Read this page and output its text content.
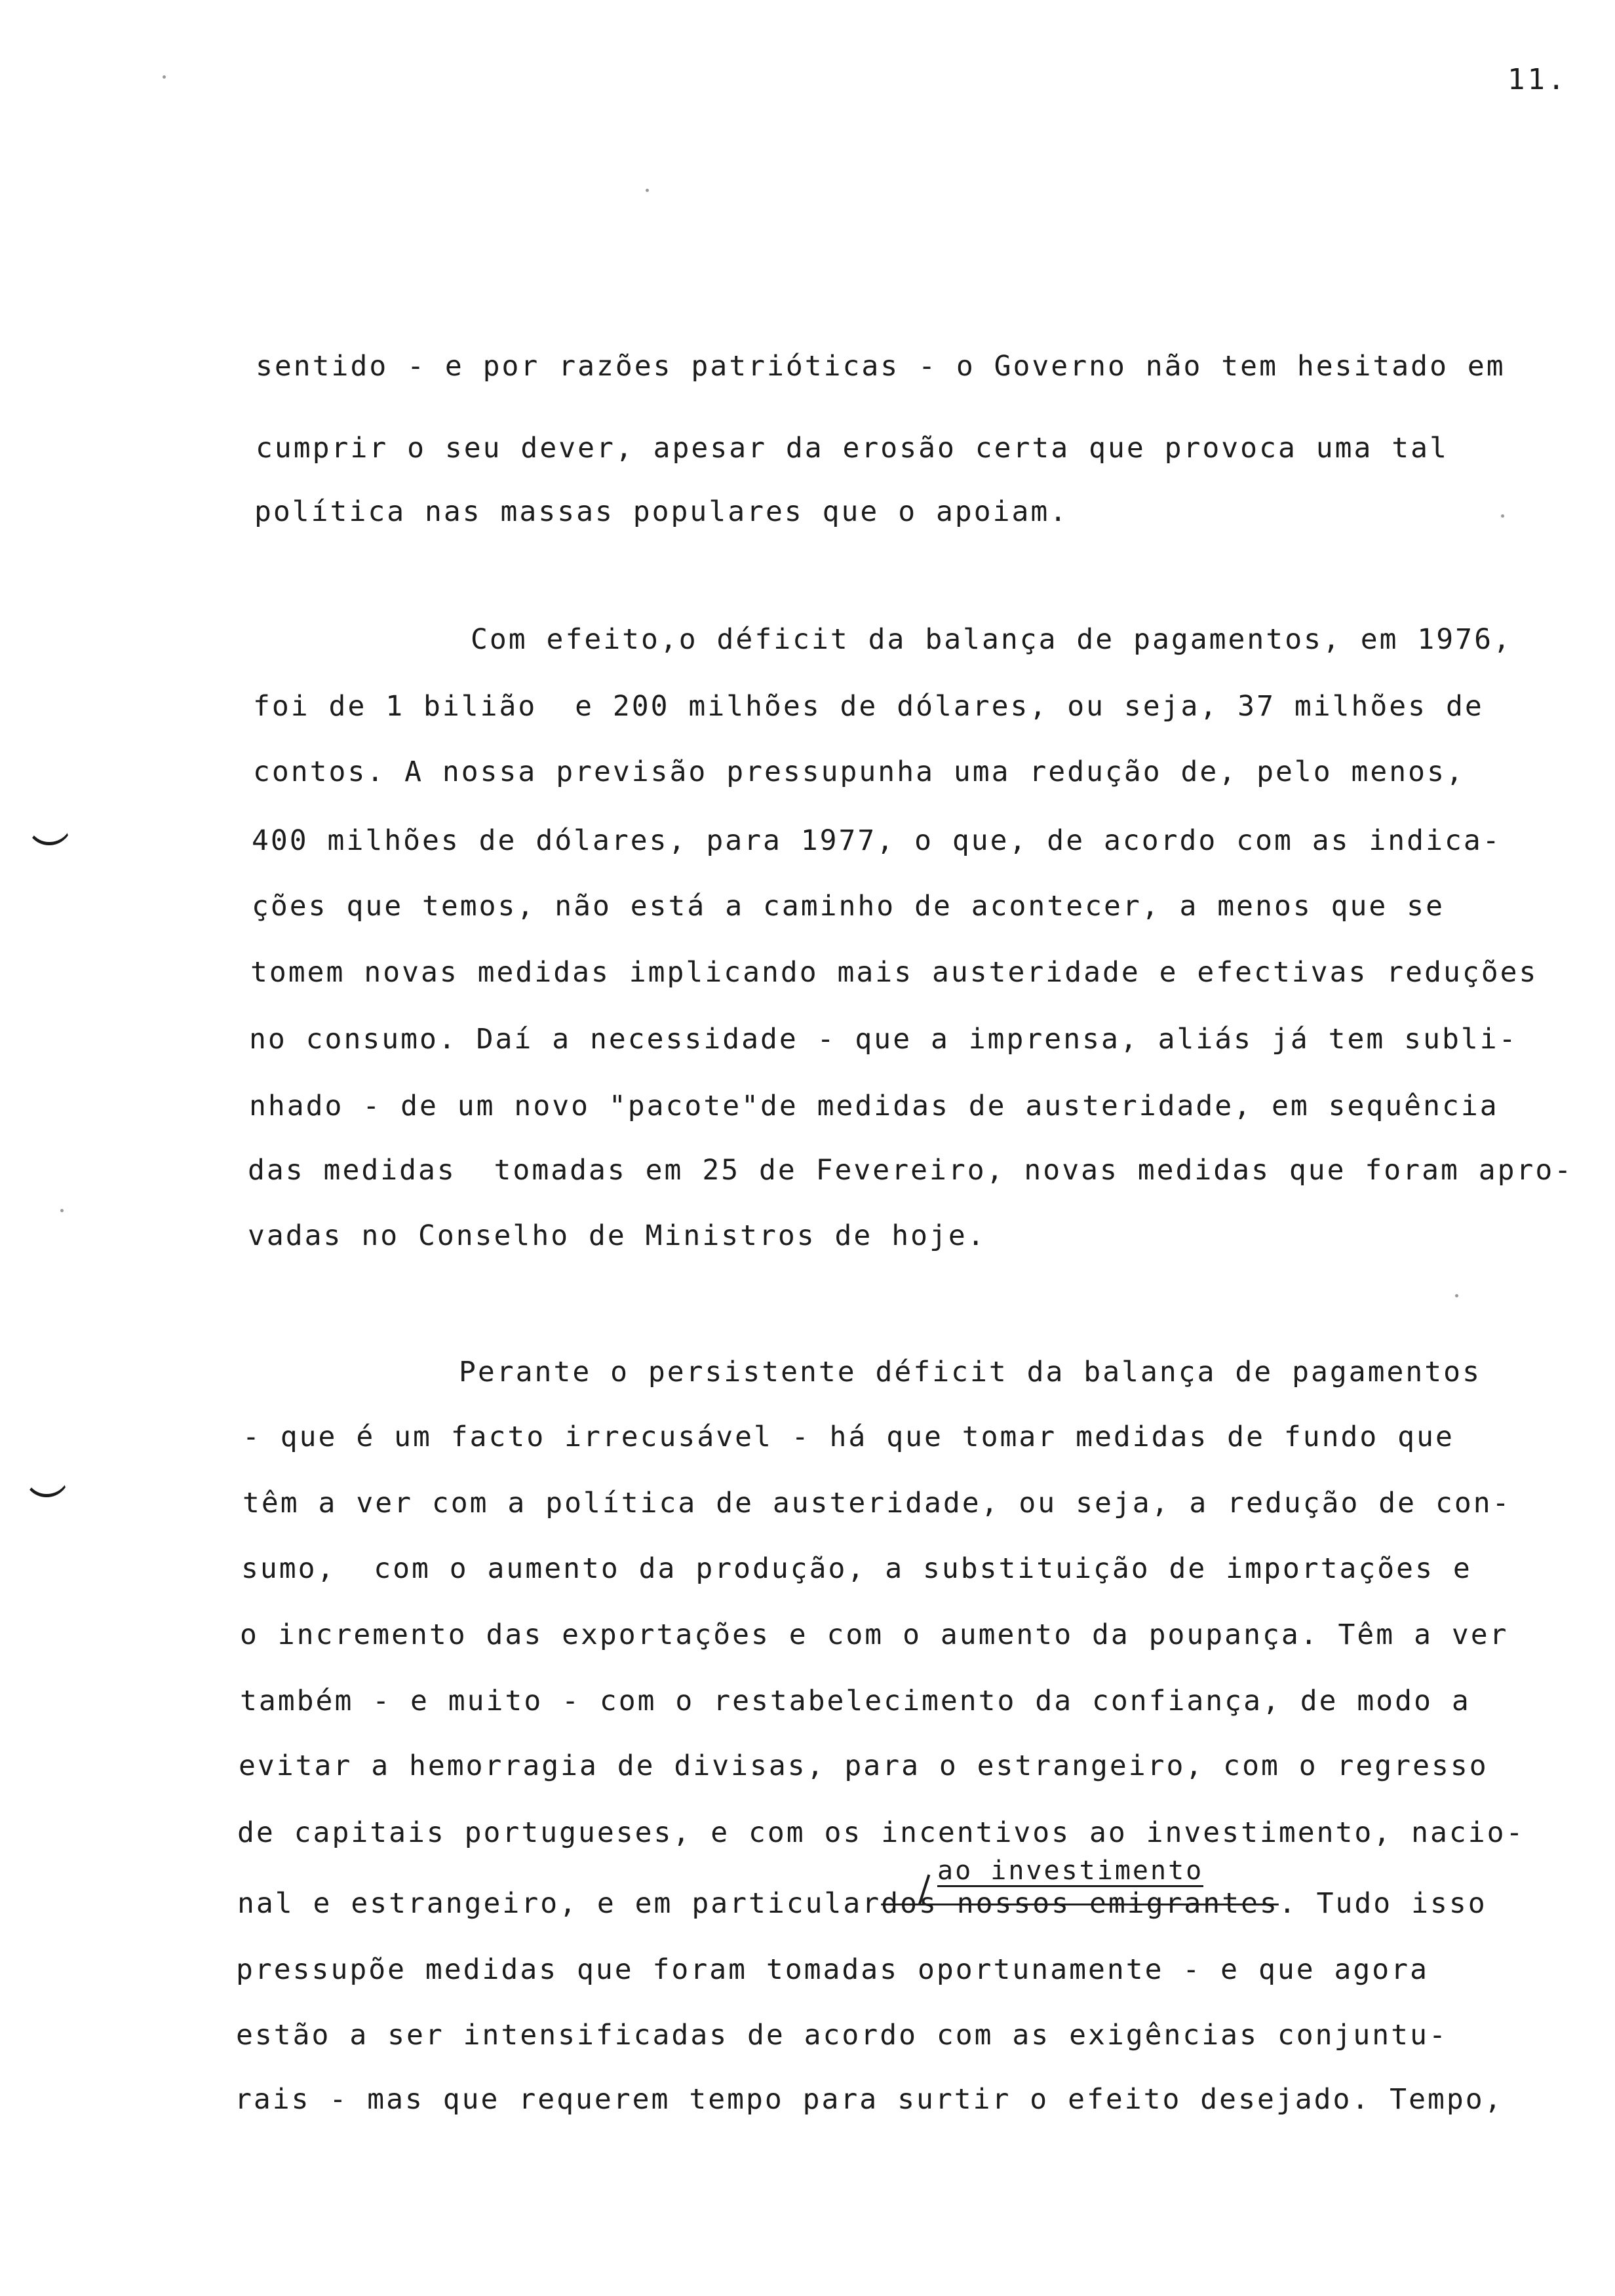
11.
sentido - e por razões patrióticas - o Governo não tem hesitado em
cumprir o seu dever, apesar da erosão certa que provoca uma tal
política nas massas populares que o apoiam.
Com efeito,o déficit da balança de pagamentos, em 1976,
foi de 1 bilião  e 200 milhões de dólares, ou seja, 37 milhões de
contos. A nossa previsão pressupunha uma redução de, pelo menos,
400 milhões de dólares, para 1977, o que, de acordo com as indica-
ções que temos, não está a caminho de acontecer, a menos que se
tomem novas medidas implicando mais austeridade e efectivas reduções
no consumo. Daí a necessidade - que a imprensa, aliás já tem subli-
nhado - de um novo "pacote"de medidas de austeridade, em sequência
das medidas  tomadas em 25 de Fevereiro, novas medidas que foram apro-
vadas no Conselho de Ministros de hoje.
Perante o persistente déficit da balança de pagamentos
- que é um facto irrecusável - há que tomar medidas de fundo que
têm a ver com a política de austeridade, ou seja, a redução de con-
sumo,  com o aumento da produção, a substituição de importações e
o incremento das exportações e com o aumento da poupança. Têm a ver
também - e muito - com o restabelecimento da confiança, de modo a
evitar a hemorragia de divisas, para o estrangeiro, com o regresso
de capitais portugueses, e com os incentivos ao investimento, nacio-
ao investimento
nal e estrangeiro, e em particulardos nossos emigrantes. Tudo isso
pressupõe medidas que foram tomadas oportunamente - e que agora
estão a ser intensificadas de acordo com as exigências conjuntu-
rais - mas que requerem tempo para surtir o efeito desejado. Tempo,
